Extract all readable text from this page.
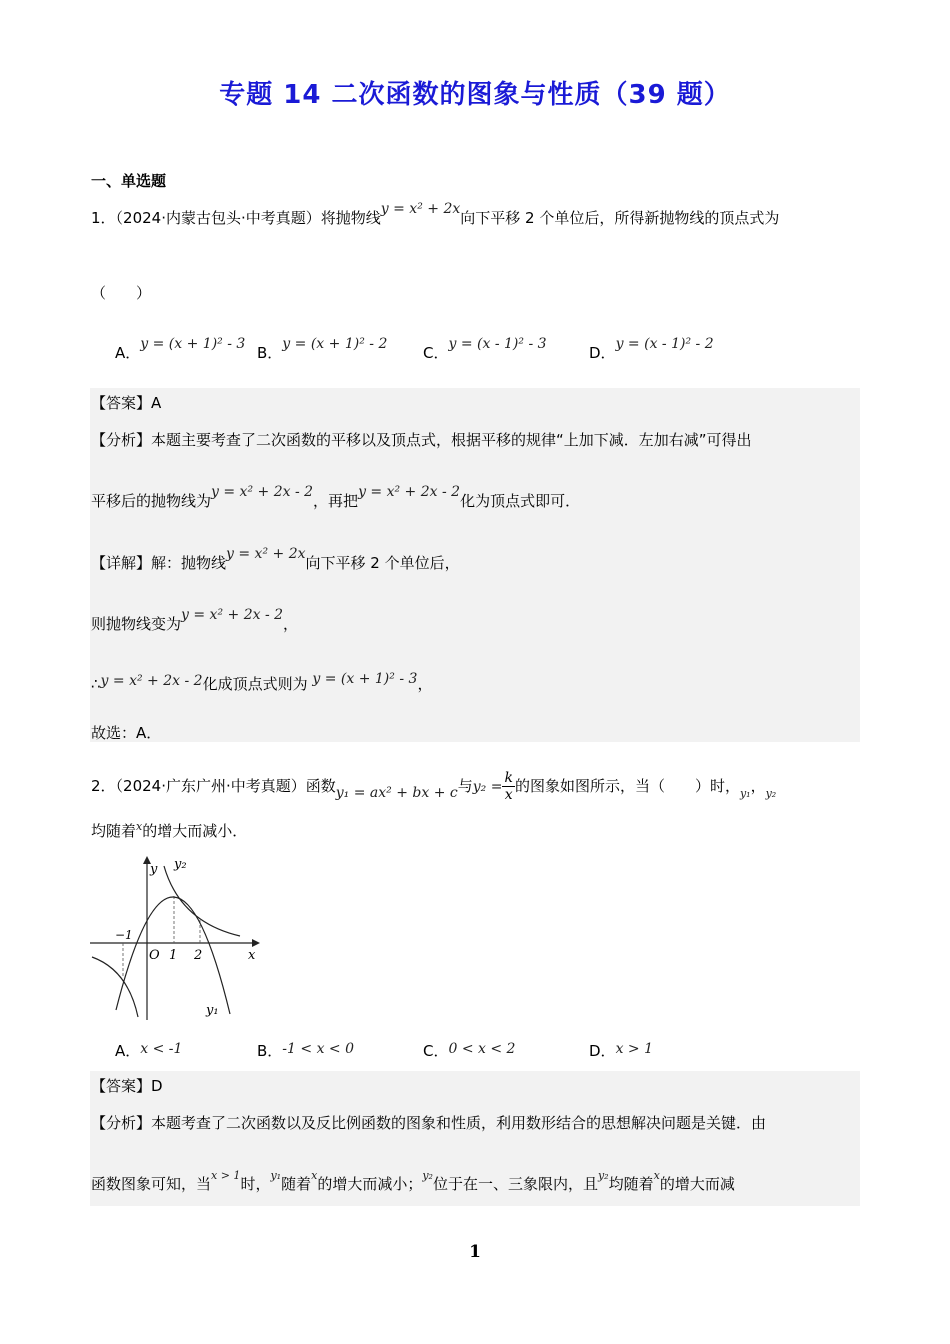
专题 14 二次函数的图象与性质（39 题）
一、单选题
1．（2024·内蒙古包头·中考真题）将抛物线y = x² + 2x向下平移 2 个单位后，所得新抛物线的顶点式为
（　　）
A．y = (x + 1)² - 3 B．y = (x + 1)² - 2 C．y = (x - 1)² - 3	D．y = (x - 1)² - 2
【答案】A
【分析】本题主要考查了二次函数的平移以及顶点式，根据平移的规律“上加下减．左加右减”可得出
平移后的抛物线为y = x² + 2x - 2，再把y = x² + 2x - 2化为顶点式即可．
【详解】解：抛物线y = x² + 2x向下平移 2 个单位后，
则抛物线变为y = x² + 2x - 2，
∴y = x² + 2x - 2化成顶点式则为 y = (x + 1)² - 3，
故选：A．
2．（2024·广东广州·中考真题）函数y₁ = ax² + bx + c与$y_2 = \frac{k}{x}$的图象如图所示，当（　　）时，$_{y_1}$，$_{y_2}$
均随着$^x$的增大而减小．
y y₂
x
O
−1
1 2
y₁
A．x < -1	B．-1 < x < 0	C．0 < x < 2	D．x > 1
【答案】D
【分析】本题考查了二次函数以及反比例函数的图象和性质，利用数形结合的思想解决问题是关键．由
函数图象可知，当$^{x > 1}$时，$^{y_1}$随着$^x$的增大而减小；$^{y_2}$位于在一、三象限内，且$^{y_2}$均随着$^x$的增大而减
1
